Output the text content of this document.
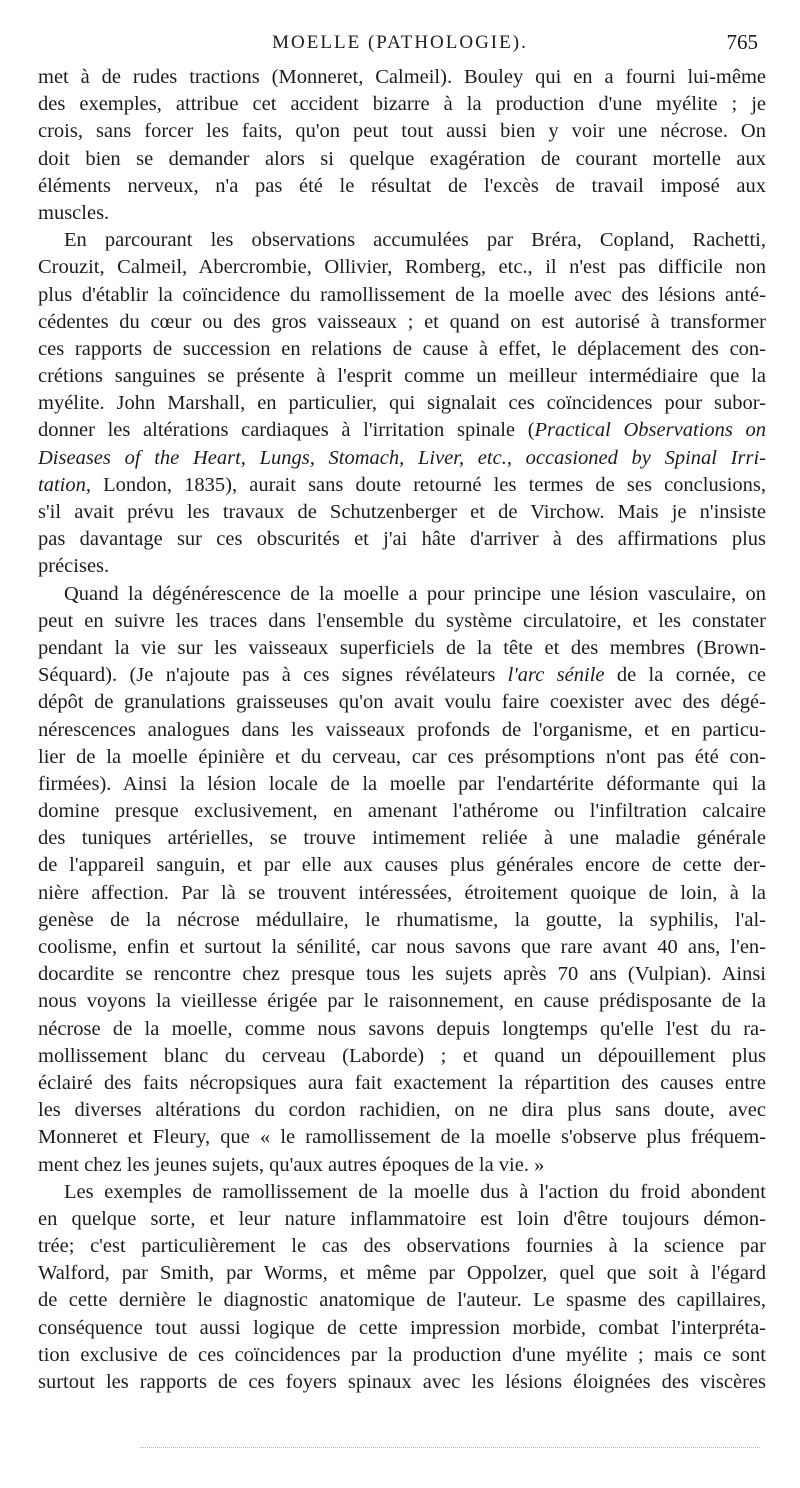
MOELLE (PATHOLOGIE).	765
met à de rudes tractions (Monneret, Calmeil). Bouley qui en a fourni lui-même
des exemples, attribue cet accident bizarre à la production d'une myélite ; je
crois, sans forcer les faits, qu'on peut tout aussi bien y voir une nécrose. On
doit bien se demander alors si quelque exagération de courant mortelle aux
éléments nerveux, n'a pas été le résultat de l'excès de travail imposé aux
muscles.
En parcourant les observations accumulées par Bréra, Copland, Rachetti,
Crouzit, Calmeil, Abercrombie, Ollivier, Romberg, etc., il n'est pas difficile non
plus d'établir la coïncidence du ramollissement de la moelle avec des lésions anté-
cédentes du cœur ou des gros vaisseaux ; et quand on est autorisé à transformer
ces rapports de succession en relations de cause à effet, le déplacement des con-
crétions sanguines se présente à l'esprit comme un meilleur intermédiaire que la
myélite. John Marshall, en particulier, qui signalait ces coïncidences pour subor-
donner les altérations cardiaques à l'irritation spinale (Practical Observations on
Diseases of the Heart, Lungs, Stomach, Liver, etc., occasioned by Spinal Irri-
tation, London, 1835), aurait sans doute retourné les termes de ses conclusions,
s'il avait prévu les travaux de Schutzenberger et de Virchow. Mais je n'insiste
pas davantage sur ces obscurités et j'ai hâte d'arriver à des affirmations plus
précises.
Quand la dégénérescence de la moelle a pour principe une lésion vasculaire, on
peut en suivre les traces dans l'ensemble du système circulatoire, et les constater
pendant la vie sur les vaisseaux superficiels de la tête et des membres (Brown-
Séquard). (Je n'ajoute pas à ces signes révélateurs l'arc sénile de la cornée, ce
dépôt de granulations graisseuses qu'on avait voulu faire coexister avec des dégé-
nérescences analogues dans les vaisseaux profonds de l'organisme, et en particu-
lier de la moelle épinière et du cerveau, car ces présomptions n'ont pas été con-
firmées). Ainsi la lésion locale de la moelle par l'endartérite déformante qui la
domine presque exclusivement, en amenant l'athérome ou l'infiltration calcaire
des tuniques artérielles, se trouve intimement reliée à une maladie générale
de l'appareil sanguin, et par elle aux causes plus générales encore de cette der-
nière affection. Par là se trouvent intéressées, étroitement quoique de loin, à la
genèse de la nécrose médullaire, le rhumatisme, la goutte, la syphilis, l'al-
coolisme, enfin et surtout la sénilité, car nous savons que rare avant 40 ans, l'en-
docardite se rencontre chez presque tous les sujets après 70 ans (Vulpian). Ainsi
nous voyons la vieillesse érigée par le raisonnement, en cause prédisposante de la
nécrose de la moelle, comme nous savons depuis longtemps qu'elle l'est du ra-
mollissement blanc du cerveau (Laborde) ; et quand un dépouillement plus
éclairé des faits nécropsiques aura fait exactement la répartition des causes entre
les diverses altérations du cordon rachidien, on ne dira plus sans doute, avec
Monneret et Fleury, que « le ramollissement de la moelle s'observe plus fréquem-
ment chez les jeunes sujets, qu'aux autres époques de la vie. »
Les exemples de ramollissement de la moelle dus à l'action du froid abondent
en quelque sorte, et leur nature inflammatoire est loin d'être toujours démon-
trée; c'est particulièrement le cas des observations fournies à la science par
Walford, par Smith, par Worms, et même par Oppolzer, quel que soit à l'égard
de cette dernière le diagnostic anatomique de l'auteur. Le spasme des capillaires,
conséquence tout aussi logique de cette impression morbide, combat l'interpréta-
tion exclusive de ces coïncidences par la production d'une myélite ; mais ce sont
surtout les rapports de ces foyers spinaux avec les lésions éloignées des viscères
